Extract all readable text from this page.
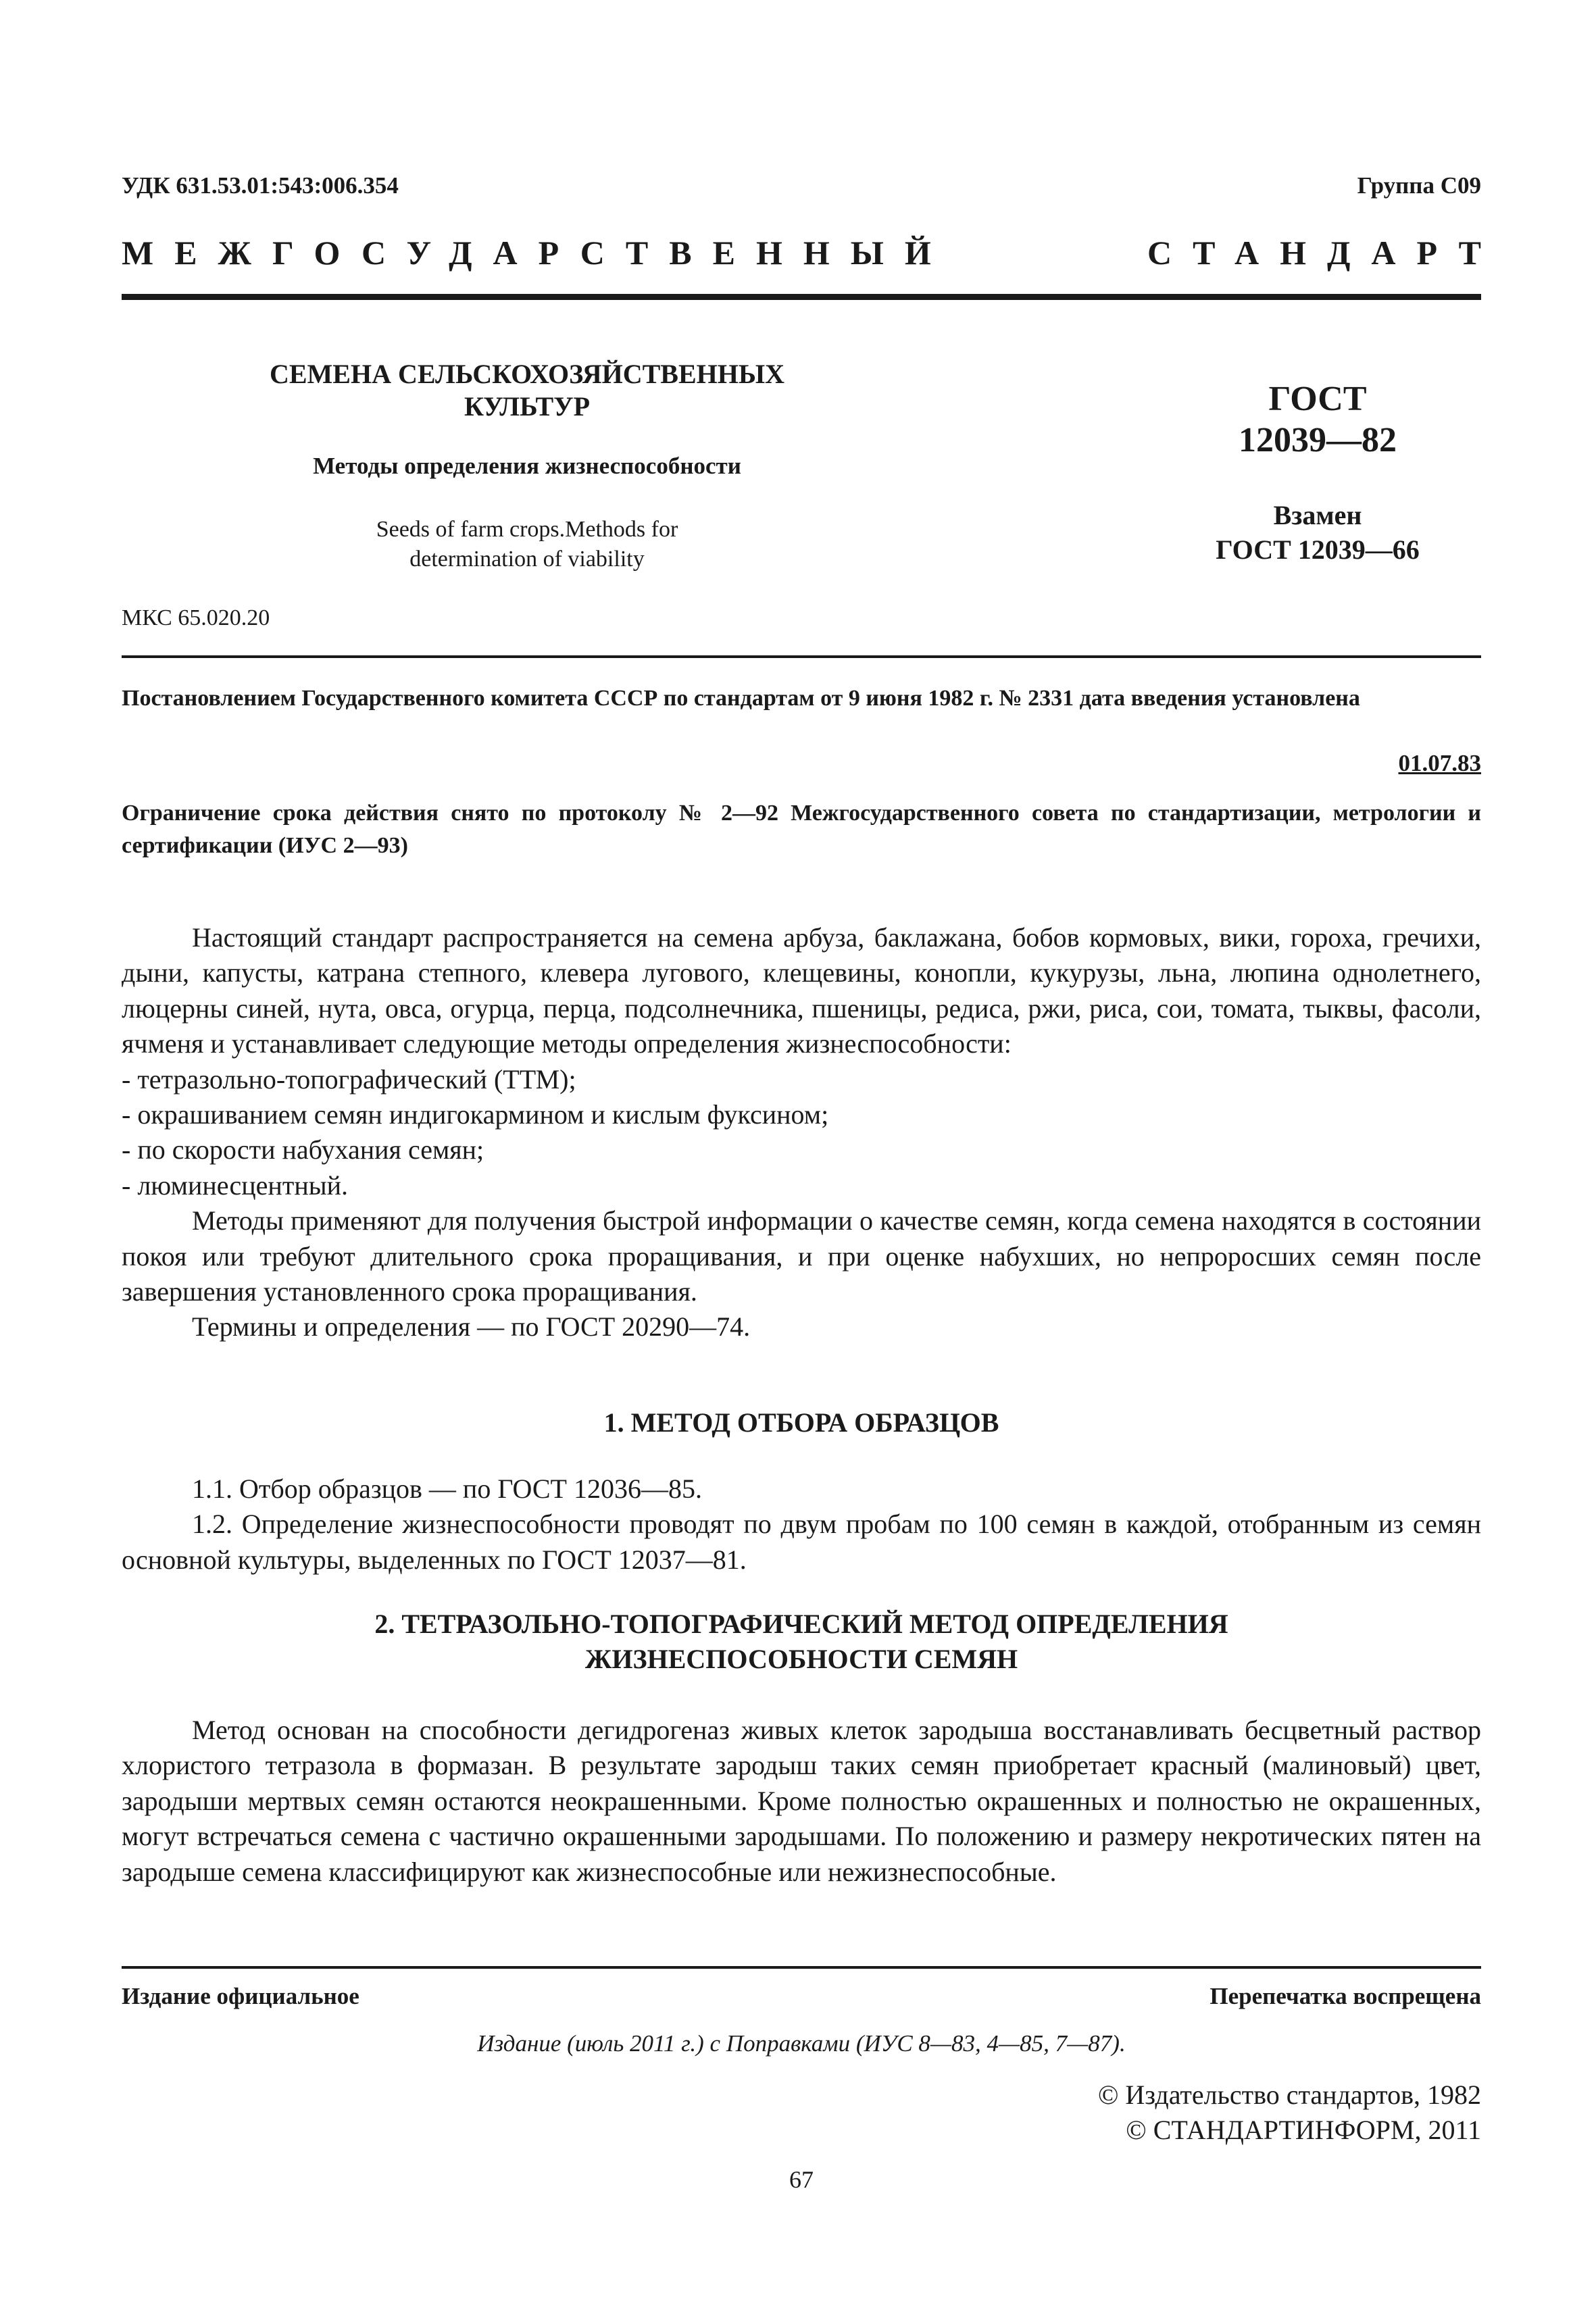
УДК 631.53.01:543:006.354	Группа С09
МЕЖГОСУДАРСТВЕННЫЙ	СТАНДАРТ

СЕМЕНА СЕЛЬСКОХОЗЯЙСТВЕННЫХ КУЛЬТУР

Методы определения жизнеспособности

Seeds of farm crops.Methods for
determination of viability

ГОСТ
12039—82

Взамен
ГОСТ 12039—66

МКС 65.020.20
Постановлением Государственного комитета СССР по стандартам от 9 июня 1982 г. № 2331 дата введения установлена
01.07.83
Ограничение срока действия снято по протоколу № 2—92 Межгосударственного совета по стандартизации, метрологии и сертификации (ИУС 2—93)

Настоящий стандарт распространяется на семена арбуза, баклажана, бобов кормовых, вики, гороха, гречихи, дыни, капусты, катрана степного, клевера лугового, клещевины, конопли, кукурузы, льна, люпина однолетнего, люцерны синей, нута, овса, огурца, перца, подсолнечника, пшеницы, редиса, ржи, риса, сои, томата, тыквы, фасоли, ячменя и устанавливает следующие методы определения жизнеспособности:

- тетразольно-топографический (ТТМ);

- окрашиванием семян индигокармином и кислым фуксином;

- по скорости набухания семян;

- люминесцентный.

Методы применяют для получения быстрой информации о качестве семян, когда семена находятся в состоянии покоя или требуют длительного срока проращивания, и при оценке набухших, но непроросших семян после завершения установленного срока проращивания.

Термины и определения — по ГОСТ 20290—74.

1. МЕТОД ОТБОРА ОБРАЗЦОВ

1.1. Отбор образцов — по ГОСТ 12036—85.

1.2. Определение жизнеспособности проводят по двум пробам по 100 семян в каждой, отобранным из семян основной культуры, выделенных по ГОСТ 12037—81.

2. ТЕТРАЗОЛЬНО-ТОПОГРАФИЧЕСКИЙ МЕТОД ОПРЕДЕЛЕНИЯ
ЖИЗНЕСПОСОБНОСТИ СЕМЯН

Метод основан на способности дегидрогеназ живых клеток зародыша восстанавливать бесцветный раствор хлористого тетразола в формазан. В результате зародыш таких семян приобретает красный (малиновый) цвет, зародыши мертвых семян остаются неокрашенными. Кроме полностью окрашенных и полностью не окрашенных, могут встречаться семена с частично окрашенными зародышами. По положению и размеру некротических пятен на зародыше семена классифицируют как жизнеспособные или нежизнеспособные.

Издание официальное	Перепечатка воспрещена
Издание (июль 2011 г.) с Поправками (ИУС 8—83, 4—85, 7—87).
© Издательство стандартов, 1982
© СТАНДАРТИНФОРМ, 2011
67
